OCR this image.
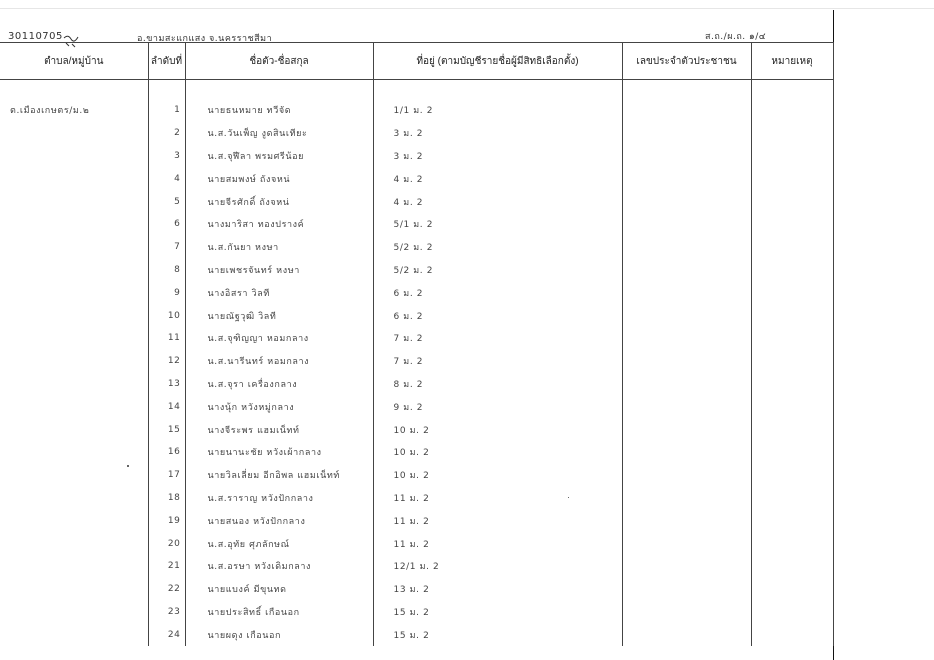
30110705	อ.ขามสะแกแสง จ.นครราชสีมา	ส.ถ./ผ.ถ. ๑/๔
ตำบล/หมู่บ้าน	ลำดับที่	ชื่อตัว-ชื่อสกุล	ที่อยู่ (ตามบัญชีรายชื่อผู้มีสิทธิเลือกตั้ง)	เลขประจำตัวประชาชน	หมายเหตุ

ต.เมืองเกษตร/ม.๒	1	นายธนหมาย ทวีจัด	1/1 ม. 2		
	2	น.ส.วันเพ็ญ งูดสินเทียะ	3 ม. 2		
	3	น.ส.จุฬีลา พรมศรีน้อย	3 ม. 2		
	4	นายสมพงษ์ ถังจหน่	4 ม. 2		
	5	นายจีรศักดิ์ ถังจหน่	4 ม. 2		
	6	นางมาริสา ทองปรางค์	5/1 ม. 2		
	7	น.ส.กันยา หงษา	5/2 ม. 2		
	8	นายเพชรจันทร์ หงษา	5/2 ม. 2		
	9	นางอิสรา วิลที	6 ม. 2		
	10	นายณัฐวุฒิ วิลที	6 ม. 2		
	11	น.ส.จุฑิญญา หอมกลาง	7 ม. 2		
	12	น.ส.นารีนทร์ หอมกลาง	7 ม. 2		
	13	น.ส.จุรา เครื่องกลาง	8 ม. 2		
	14	นางนุ้ก หวังหมู่กลาง	9 ม. 2		
	15	นางจีระพร แฮมเน็ทท์	10 ม. 2		
	16	นายนานะชัย หวังเผ้ากลาง	10 ม. 2		
	17	นายวิลเลี่ยม อีกอิพล แฮมเน็ทท์	10 ม. 2		
	18	น.ส.ราราญ หวังปักกลาง	11 ม. 2		
	19	นายสนอง หวังปักกลาง	11 ม. 2		
	20	น.ส.อุทัย ศุภลักษณ์	11 ม. 2		
	21	น.ส.อรษา หวังเดิมกลาง	12/1 ม. 2		
	22	นายแบงค์ มีขุนทด	13 ม. 2		
	23	นายประสิทธิ์ เกือนอก	15 ม. 2		
	24	นายผดุง เกือนอก	15 ม. 2		
